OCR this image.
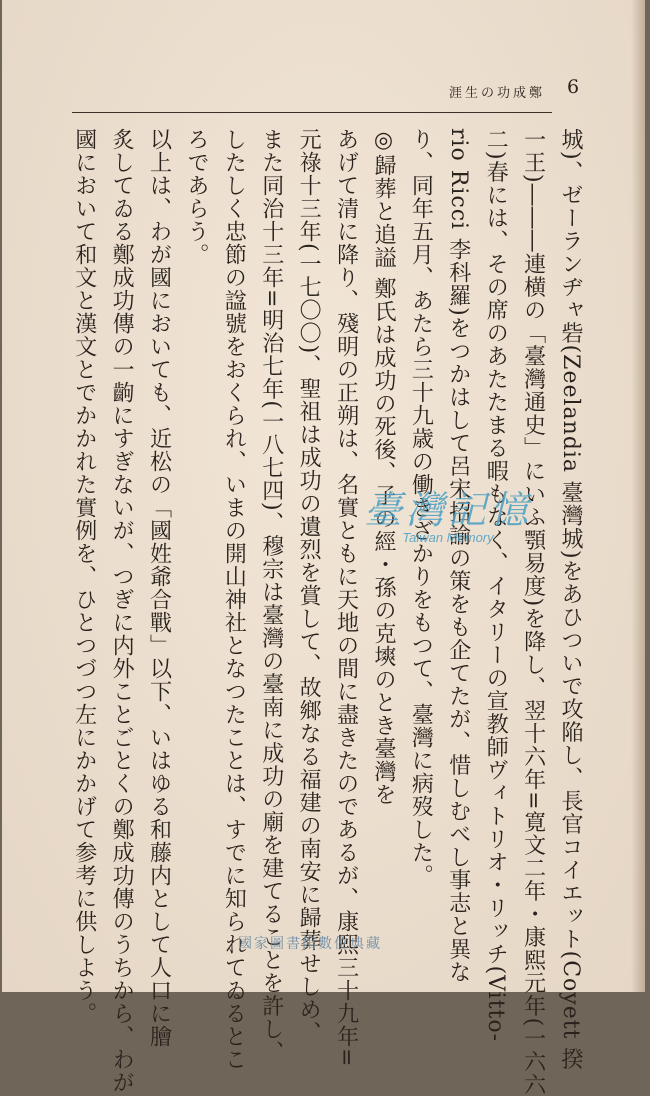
6
鄭成功の生涯
城)、ゼーランヂャ砦(Zeelandia 臺灣城)をあひついで攻陥し、長官コイエット(Coyett 揆
一王)―――連横の「臺灣通史」にいふ顎易度)を降し、翌十六年=寛文二年・康熙元年(一六六
二)春には、その席のあたたまる暇もなく、イタリーの宣教師ヴィトリオ・リッチ(Vitto-
rio Ricci 李科羅)をつかはして呂宋招諭の策をも企てたが、惜しむべし事志と異な
り、同年五月、あたら三十九歳の働きざかりをもつて、臺灣に病歿した。
◎歸葬と追謚 鄭氏は成功の死後、子の經・孫の克塽のとき臺灣を
あげて清に降り、殘明の正朔は、名實ともに天地の間に盡きたのであるが、康熙三十九年=
元祿十三年(一七〇〇)、聖祖は成功の遺烈を賞して、故鄉なる福建の南安に歸葬せしめ、
また同治十三年=明治七年(一八七四)、穆宗は臺灣の臺南に成功の廟を建てることを許し、
したしく忠節の諡號をおくられ、いまの開山神社となつたことは、すでに知られてゐるとこ
ろであらう。
以上は、わが國においても、近松の「國姓爺合戰」以下、いはゆる和藤内として人口に膾
炙してゐる鄭成功傳の一齣にすぎないが、つぎに内外ことごとくの鄭成功傳のうちから、わが
國において和文と漢文とでかかれた實例を、ひとつづつ左にかかげて参考に供しよう。	臺灣記憶
Taiwan Memory
國家圖書館數位典藏
